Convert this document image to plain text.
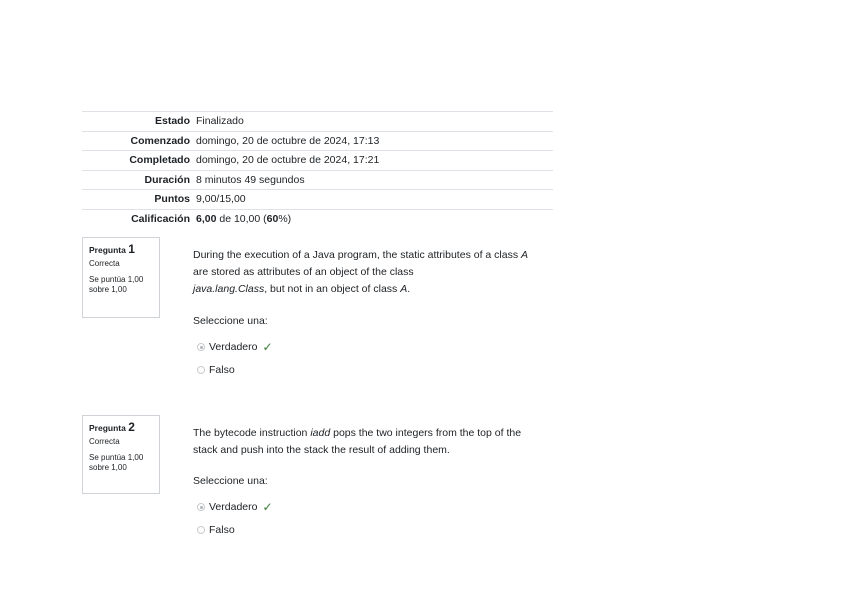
Estado	Finalizado
Comenzado	domingo, 20 de octubre de 2024, 17:13
Completado	domingo, 20 de octubre de 2024, 17:21
Duración	8 minutos 49 segundos
Puntos	9,00/15,00
Calificación	6,00 de 10,00 (60%)
Pregunta 1
Correcta
Se puntúa 1,00 sobre 1,00
During the execution of a Java program, the static attributes of a class A are stored as attributes of an object of the class
java.lang.Class, but not in an object of class A.
Seleccione una:
Verdadero ✓
Falso
Pregunta 2
Correcta
Se puntúa 1,00 sobre 1,00
The bytecode instruction iadd pops the two integers from the top of the stack and push into the stack the result of adding them.
Seleccione una:
Verdadero ✓
Falso
